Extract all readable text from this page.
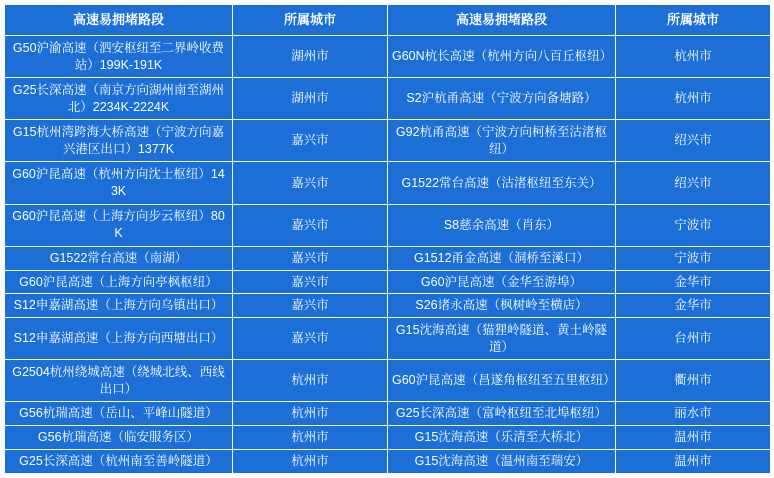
高速易拥堵路段	所属城市	高速易拥堵路段	所属城市
G50沪渝高速（泗安枢纽至二界岭收费站）199K-191K	湖州市	G60N杭长高速（杭州方向八百丘枢纽）	杭州市
G25长深高速（南京方向湖州南至湖州北）2234K-2224K	湖州市	S2沪杭甬高速（宁波方向备塘路）	杭州市
G15杭州湾跨海大桥高速（宁波方向嘉兴港区出口）1377K	嘉兴市	G92杭甬高速（宁波方向柯桥至沽渚枢纽）	绍兴市
G60沪昆高速（杭州方向沈士枢纽）143K	嘉兴市	G1522常台高速（沽渚枢纽至东关）	绍兴市
G60沪昆高速（上海方向步云枢纽）80K	嘉兴市	S8慈余高速（肖东）	宁波市
G1522常台高速（南湖）	嘉兴市	G1512甬金高速（洞桥至溪口）	宁波市
G60沪昆高速（上海方向亭枫枢纽）	嘉兴市	G60沪昆高速（金华至游埠）	金华市
S12申嘉湖高速（上海方向乌镇出口）	嘉兴市	S26诸永高速（枫树岭至横店）	金华市
S12申嘉湖高速（上海方向西塘出口）	嘉兴市	G15沈海高速（猫狸岭隧道、黄土岭隧道）	台州市
G2504杭州绕城高速（绕城北线、西线出口）	杭州市	G60沪昆高速（昌遂角枢纽至五里枢纽）	衢州市
G56杭瑞高速（岳山、平峰山隧道）	杭州市	G25长深高速（富岭枢纽至北埠枢纽）	丽水市
G56杭瑞高速（临安服务区）	杭州市	G15沈海高速（乐清至大桥北）	温州市
G25长深高速（杭州南至善岭隧道）	杭州市	G15沈海高速（温州南至瑞安）	温州市
